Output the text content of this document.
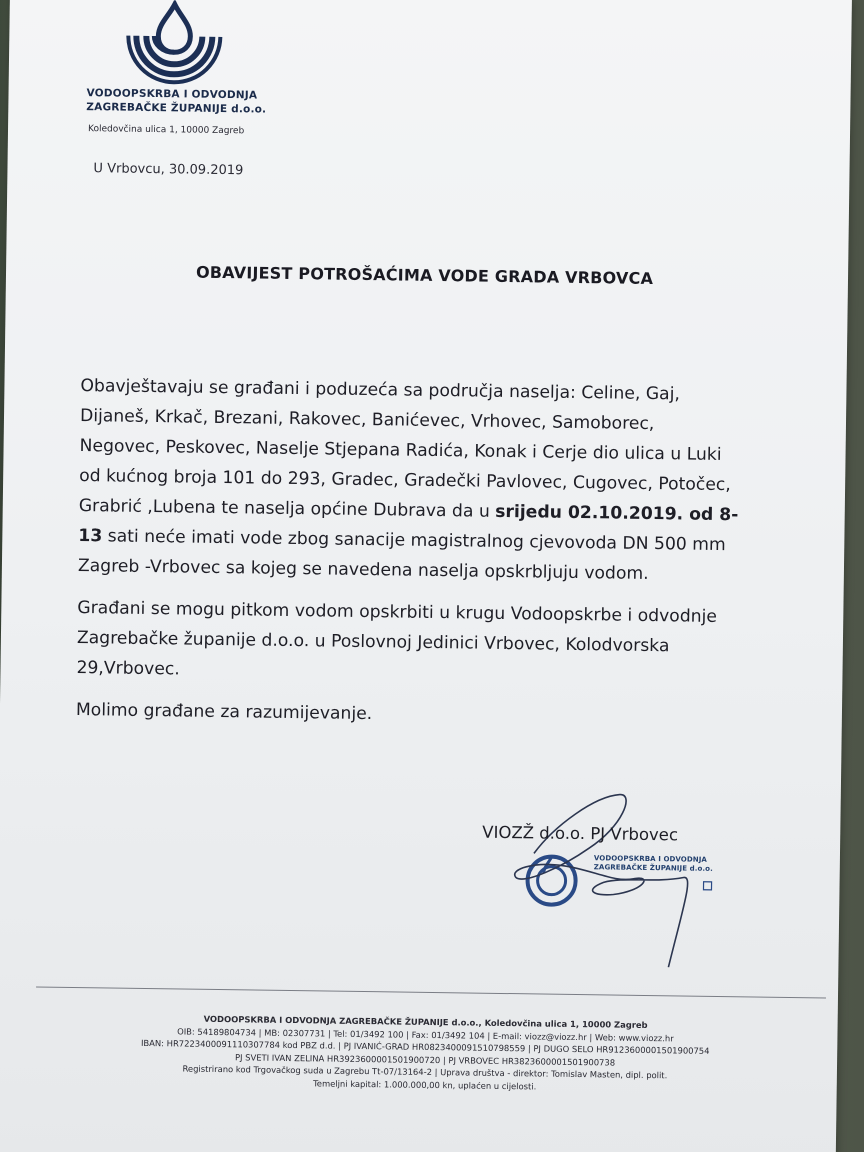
VODOOPSKRBA I ODVODNJA
ZAGREBAČKE ŽUPANIJE d.o.o.
Koledovčina ulica 1, 10000 Zagreb
U Vrbovcu, 30.09.2019
OBAVIJEST POTROŠAĆIMA VODE GRADA VRBOVCA

Obavještavaju se građani i poduzeća sa područja naselja: Celine, Gaj, Dijaneš, Krkač, Brezani, Rakovec, Banićevec, Vrhovec, Samoborec, Negovec, Peskovec, Naselje Stjepana Radića, Konak i Cerje dio ulica u Luki od kućnog broja 101 do 293, Gradec, Gradečki Pavlovec, Cugovec, Potočec, Grabrić ,Lubena te naselja općine Dubrava da u srijedu 02.10.2019. od 8-13 sati neće imati vode zbog sanacije magistralnog cjevovoda DN 500 mm Zagreb -Vrbovec sa kojeg se navedena naselja opskrbljuju vodom.

Građani se mogu pitkom vodom opskrbiti u krugu Vodoopskrbe i odvodnje Zagrebačke županije d.o.o. u Poslovnoj Jedinici Vrbovec, Kolodvorska 29,Vrbovec.

Molimo građane za razumijevanje.

VIOZŽ d.o.o. PJ Vrbovec
VODOOPSKRBA I ODVODNJA
ZAGREBAČKE ŽUPANIJE d.o.o.
VODOOPSKRBA I ODVODNJA ZAGREBAČKE ŽUPANIJE d.o.o., Koledovčina ulica 1, 10000 Zagreb
OIB: 54189804734 | MB: 02307731 | Tel: 01/3492 100 | Fax: 01/3492 104 | E-mail: viozz@viozz.hr | Web: www.viozz.hr
IBAN: HR7223400091110307784 kod PBZ d.d. | PJ IVANIĆ-GRAD HR0823400091510798559 | PJ DUGO SELO HR9123600001501900754
PJ SVETI IVAN ZELINA HR3923600001501900720 | PJ VRBOVEC HR3823600001501900738
Registrirano kod Trgovačkog suda u Zagrebu Tt-07/13164-2 | Uprava društva - direktor: Tomislav Masten, dipl. polit.
Temeljni kapital: 1.000.000,00 kn, uplaćen u cijelosti.
